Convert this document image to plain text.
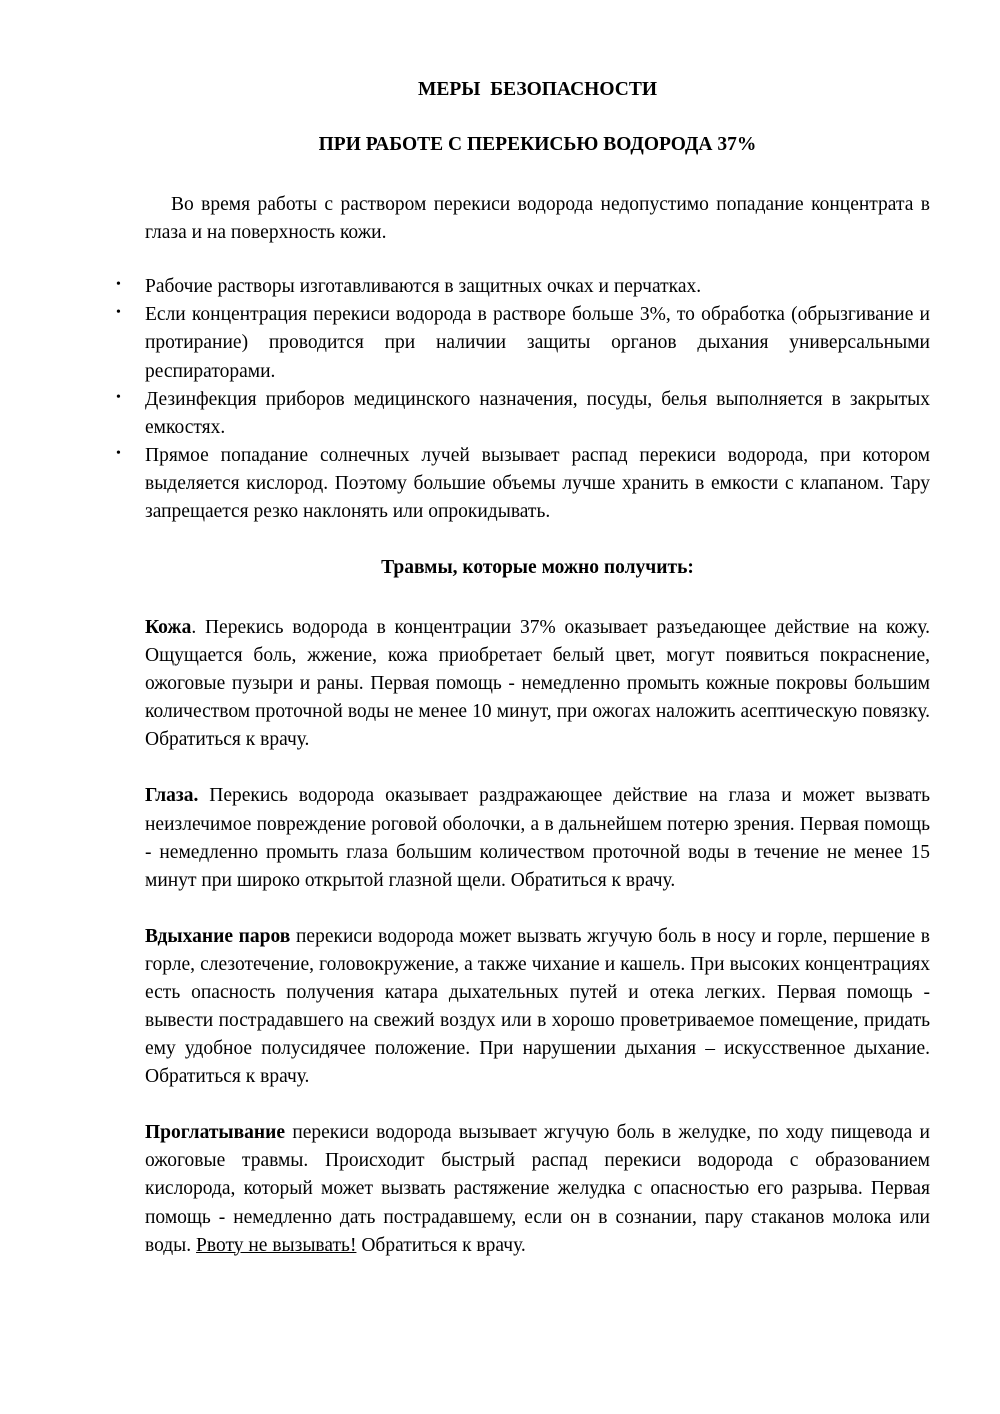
МЕРЫ  БЕЗОПАСНОСТИ
ПРИ РАБОТЕ С ПЕРЕКИСЬЮ ВОДОРОДА 37%

Во время работы с раствором перекиси водорода недопустимо попадание концентрата в глаза и на поверхность кожи.

• Рабочие растворы изготавливаются в защитных очках и перчатках.
• Если концентрация перекиси водорода в растворе больше 3%, то обработка (обрызгивание и протирание) проводится при наличии защиты органов дыхания универсальными респираторами.
• Дезинфекция приборов медицинского назначения, посуды, белья выполняется в закрытых емкостях.
• Прямое попадание солнечных лучей вызывает распад перекиси водорода, при котором выделяется кислород. Поэтому большие объемы лучше хранить в емкости с клапаном. Тару запрещается резко наклонять или опрокидывать.
Травмы, которые можно получить:

Кожа. Перекись водорода в концентрации 37% оказывает разъедающее действие на кожу. Ощущается боль, жжение, кожа приобретает белый цвет, могут появиться покраснение, ожоговые пузыри и раны. Первая помощь - немедленно промыть кожные покровы большим количеством проточной воды не менее 10 минут, при ожогах наложить асептическую повязку. Обратиться к врачу.

Глаза. Перекись водорода оказывает раздражающее действие на глаза и может вызвать неизлечимое повреждение роговой оболочки, а в дальнейшем потерю зрения. Первая помощь - немедленно промыть глаза большим количеством проточной воды в течение не менее 15 минут при широко открытой глазной щели. Обратиться к врачу.

Вдыхание паров перекиси водорода может вызвать жгучую боль в носу и горле, першение в горле, слезотечение, головокружение, а также чихание и кашель. При высоких концентрациях есть опасность получения катара дыхательных путей и отека легких. Первая помощь - вывести пострадавшего на свежий воздух или в хорошо проветриваемое помещение, придать ему удобное полусидячее положение. При нарушении дыхания – искусственное дыхание. Обратиться к врачу.

Проглатывание перекиси водорода вызывает жгучую боль в желудке, по ходу пищевода и ожоговые травмы. Происходит быстрый распад перекиси водорода с образованием кислорода, который может вызвать растяжение желудка с опасностью его разрыва. Первая помощь - немедленно дать пострадавшему, если он в сознании, пару стаканов молока или воды. Рвоту не вызывать! Обратиться к врачу.
